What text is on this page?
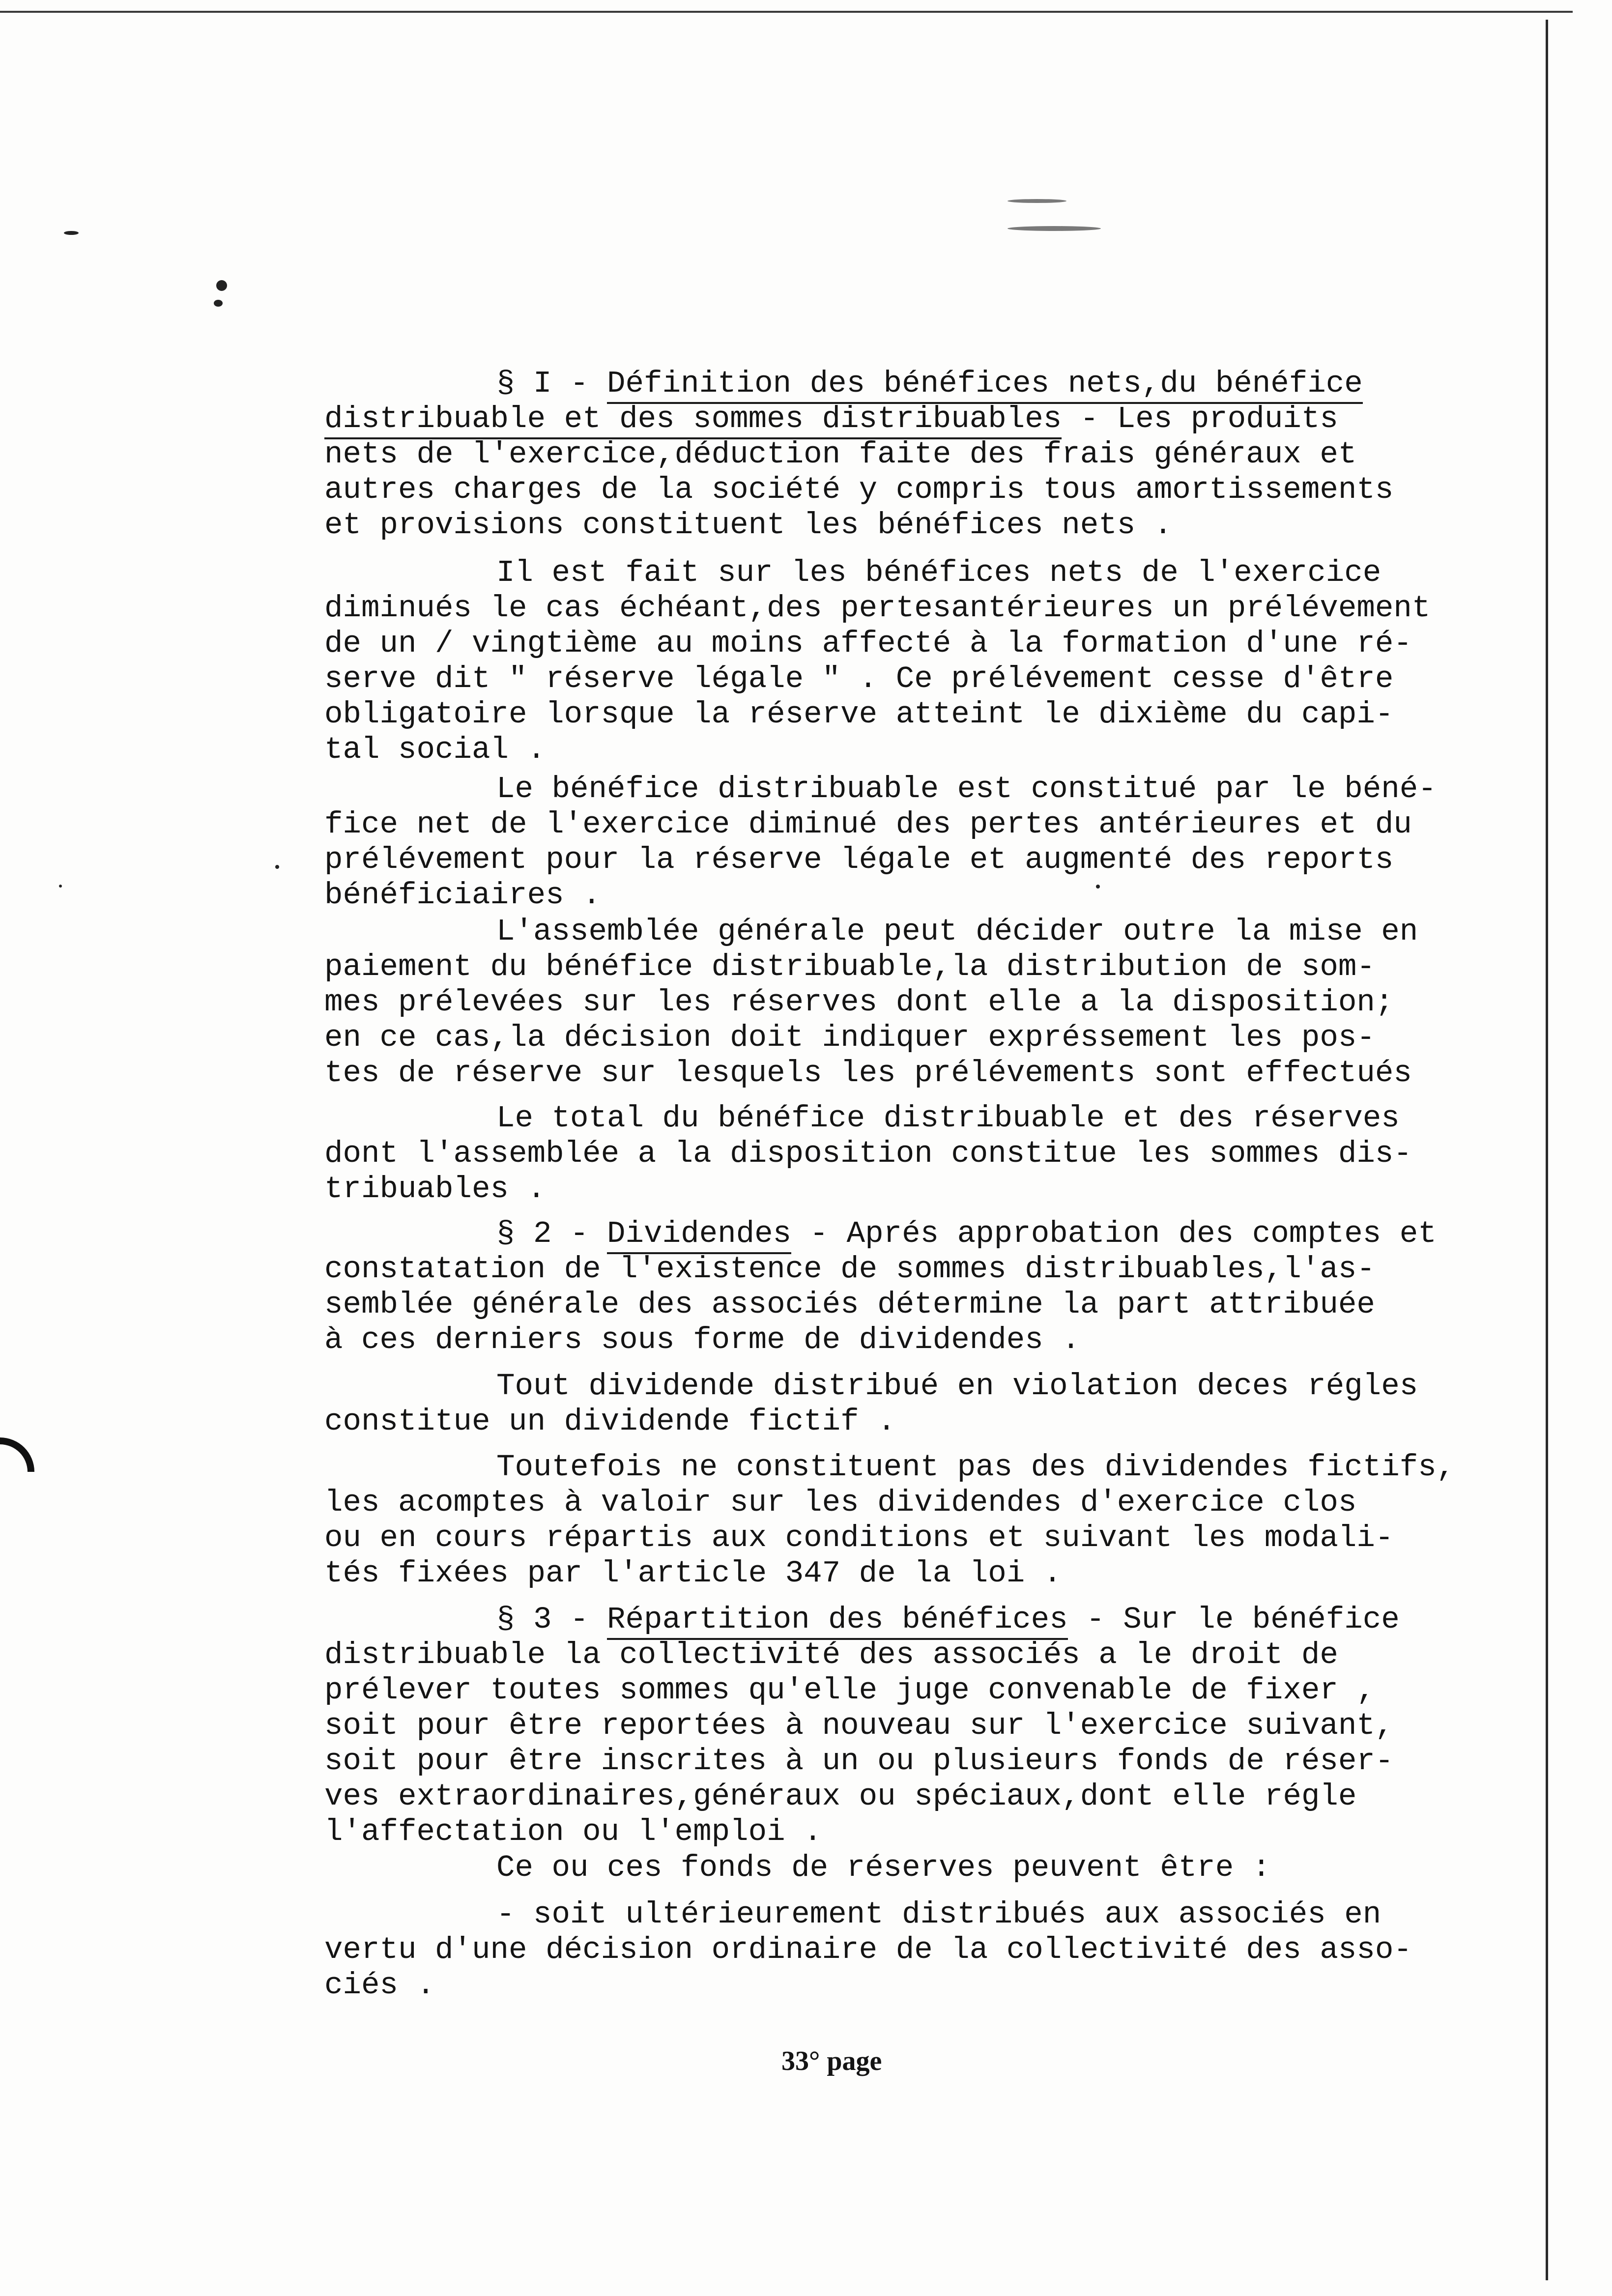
§ I - Définition des bénéfices nets,du bénéfice
distribuable et des sommes distribuables - Les produits
nets de l'exercice,déduction faite des frais généraux et
autres charges de la société y compris tous amortissements
et provisions constituent les bénéfices nets .
Il est fait sur les bénéfices nets de l'exercice
diminués le cas échéant,des pertesantérieures un prélévement
de un / vingtième au moins affecté à la formation d'une ré-
serve dit " réserve légale " . Ce prélévement cesse d'être
obligatoire lorsque la réserve atteint le dixième du capi-
tal social .
Le bénéfice distribuable est constitué par le béné-
fice net de l'exercice diminué des pertes antérieures et du
prélévement pour la réserve légale et augmenté des reports
bénéficiaires .
L'assemblée générale peut décider outre la mise en
paiement du bénéfice distribuable,la distribution de som-
mes prélevées sur les réserves dont elle a la disposition;
en ce cas,la décision doit indiquer expréssement les pos-
tes de réserve sur lesquels les prélévements sont effectués
Le total du bénéfice distribuable et des réserves
dont l'assemblée a la disposition constitue les sommes dis-
tribuables .
§ 2 - Dividendes - Aprés approbation des comptes et
constatation de l'existence de sommes distribuables,l'as-
semblée générale des associés détermine la part attribuée
à ces derniers sous forme de dividendes .
Tout dividende distribué en violation deces régles
constitue un dividende fictif .
Toutefois ne constituent pas des dividendes fictifs,
les acomptes à valoir sur les dividendes d'exercice clos
ou en cours répartis aux conditions et suivant les modali-
tés fixées par l'article 347 de la loi .
§ 3 - Répartition des bénéfices - Sur le bénéfice
distribuable la collectivité des associés a le droit de
prélever toutes sommes qu'elle juge convenable de fixer ,
soit pour être reportées à nouveau sur l'exercice suivant,
soit pour être inscrites à un ou plusieurs fonds de réser-
ves extraordinaires,généraux ou spéciaux,dont elle régle
l'affectation ou l'emploi .
Ce ou ces fonds de réserves peuvent être :
- soit ultérieurement distribués aux associés en
vertu d'une décision ordinaire de la collectivité des asso-
ciés .
33° page
